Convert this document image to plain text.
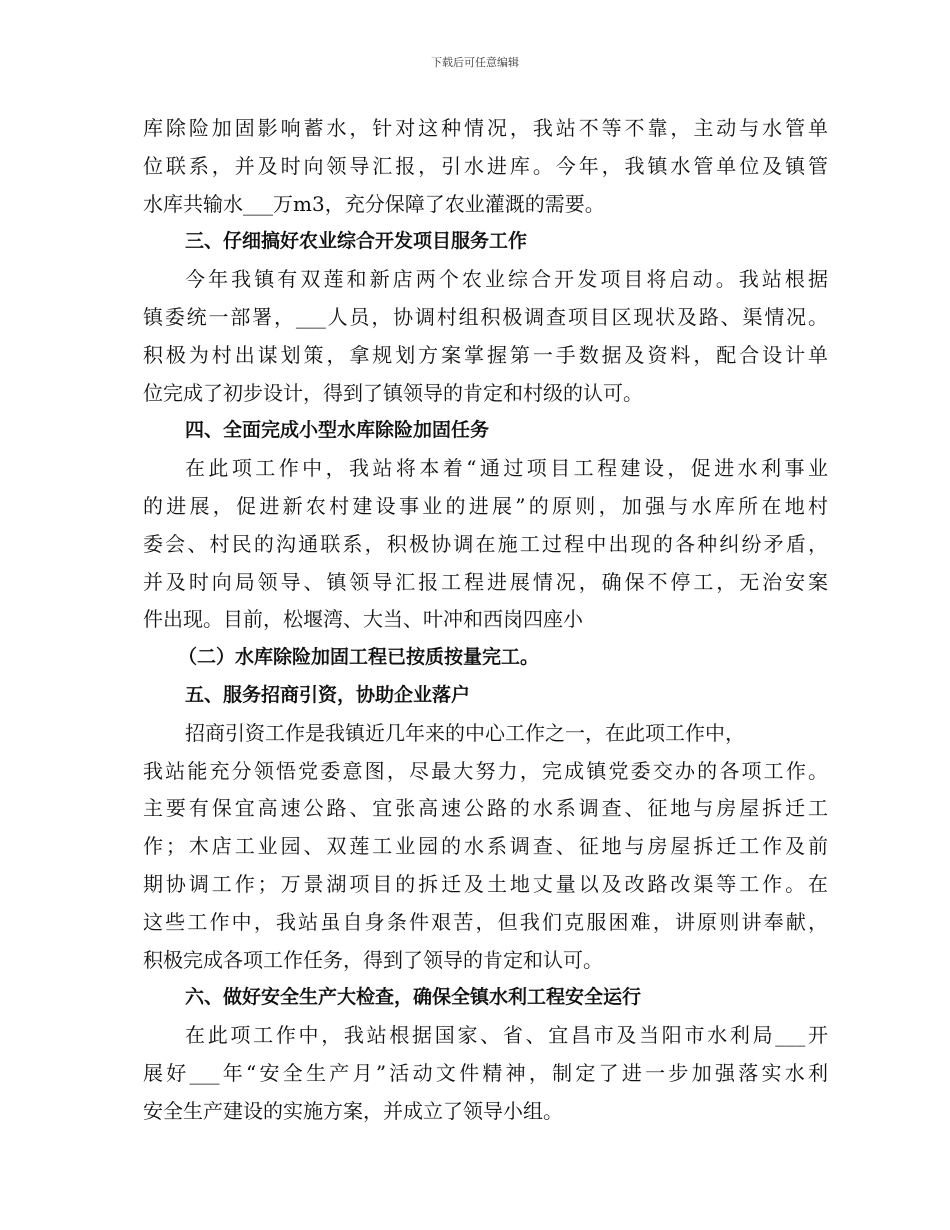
下载后可任意编辑
库除险加固影响蓄水，针对这种情况，我站不等不靠，主动与水管单
位联系，并及时向领导汇报，引水进库。今年，我镇水管单位及镇管
水库共输水___万m3，充分保障了农业灌溉的需要。
三、仔细搞好农业综合开发项目服务工作
今年我镇有双莲和新店两个农业综合开发项目将启动。我站根据
镇委统一部署，___人员，协调村组积极调查项目区现状及路、渠情况。
积极为村出谋划策，拿规划方案掌握第一手数据及资料，配合设计单
位完成了初步设计，得到了镇领导的肯定和村级的认可。
四、全面完成小型水库除险加固任务
在此项工作中，我站将本着“通过项目工程建设，促进水利事业
的进展，促进新农村建设事业的进展”的原则，加强与水库所在地村
委会、村民的沟通联系，积极协调在施工过程中出现的各种纠纷矛盾，
并及时向局领导、镇领导汇报工程进展情况，确保不停工，无治安案
件出现。目前，松堰湾、大当、叶冲和西岗四座小
（二）水库除险加固工程已按质按量完工。
五、服务招商引资，协助企业落户
招商引资工作是我镇近几年来的中心工作之一，在此项工作中，
我站能充分领悟党委意图，尽最大努力，完成镇党委交办的各项工作。
主要有保宜高速公路、宜张高速公路的水系调查、征地与房屋拆迁工
作；木店工业园、双莲工业园的水系调查、征地与房屋拆迁工作及前
期协调工作；万景湖项目的拆迁及土地丈量以及改路改渠等工作。在
这些工作中，我站虽自身条件艰苦，但我们克服困难，讲原则讲奉献，
积极完成各项工作任务，得到了领导的肯定和认可。
六、做好安全生产大检查，确保全镇水利工程安全运行
在此项工作中，我站根据国家、省、宜昌市及当阳市水利局___开
展好___年“安全生产月”活动文件精神，制定了进一步加强落实水利
安全生产建设的实施方案，并成立了领导小组。
